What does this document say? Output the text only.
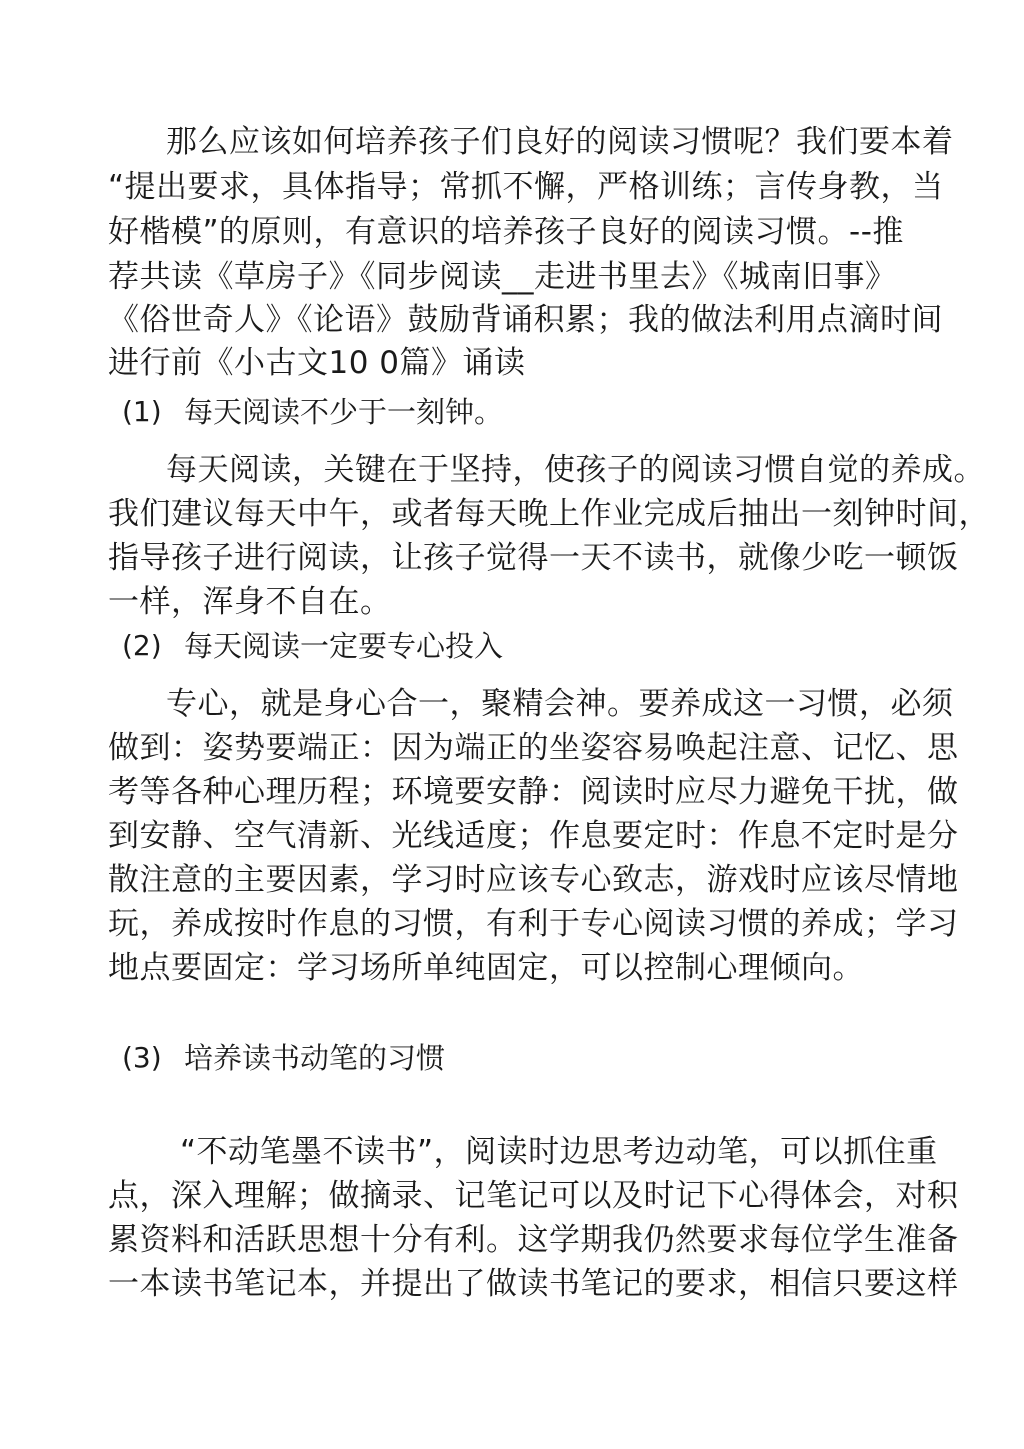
那么应该如何培养孩子们良好的阅读习惯呢？我们要本着
“提出要求，具体指导；常抓不懈，严格训练；言传身教，当
好楷模”的原则，有意识的培养孩子良好的阅读习惯。--推
荐共读《草房子》《同步阅读__走进书里去》《城南旧事》
《俗世奇人》《论语》鼓励背诵积累；我的做法利用点滴时间
进行前《小古文10 0篇》诵读
(1) 每天阅读不少于一刻钟。
每天阅读，关键在于坚持，使孩子的阅读习惯自觉的养成。
我们建议每天中午，或者每天晚上作业完成后抽出一刻钟时间，
指导孩子进行阅读，让孩子觉得一天不读书，就像少吃一顿饭
一样，浑身不自在。
(2) 每天阅读一定要专心投入
专心，就是身心合一，聚精会神。要养成这一习惯，必须
做到：姿势要端正：因为端正的坐姿容易唤起注意、记忆、思
考等各种心理历程；环境要安静：阅读时应尽力避免干扰，做
到安静、空气清新、光线适度；作息要定时：作息不定时是分
散注意的主要因素，学习时应该专心致志，游戏时应该尽情地
玩，养成按时作息的习惯，有利于专心阅读习惯的养成；学习
地点要固定：学习场所单纯固定，可以控制心理倾向。
(3) 培养读书动笔的习惯
“不动笔墨不读书”，阅读时边思考边动笔，可以抓住重
点，深入理解；做摘录、记笔记可以及时记下心得体会，对积
累资料和活跃思想十分有利。这学期我仍然要求每位学生准备
一本读书笔记本，并提出了做读书笔记的要求，相信只要这样
